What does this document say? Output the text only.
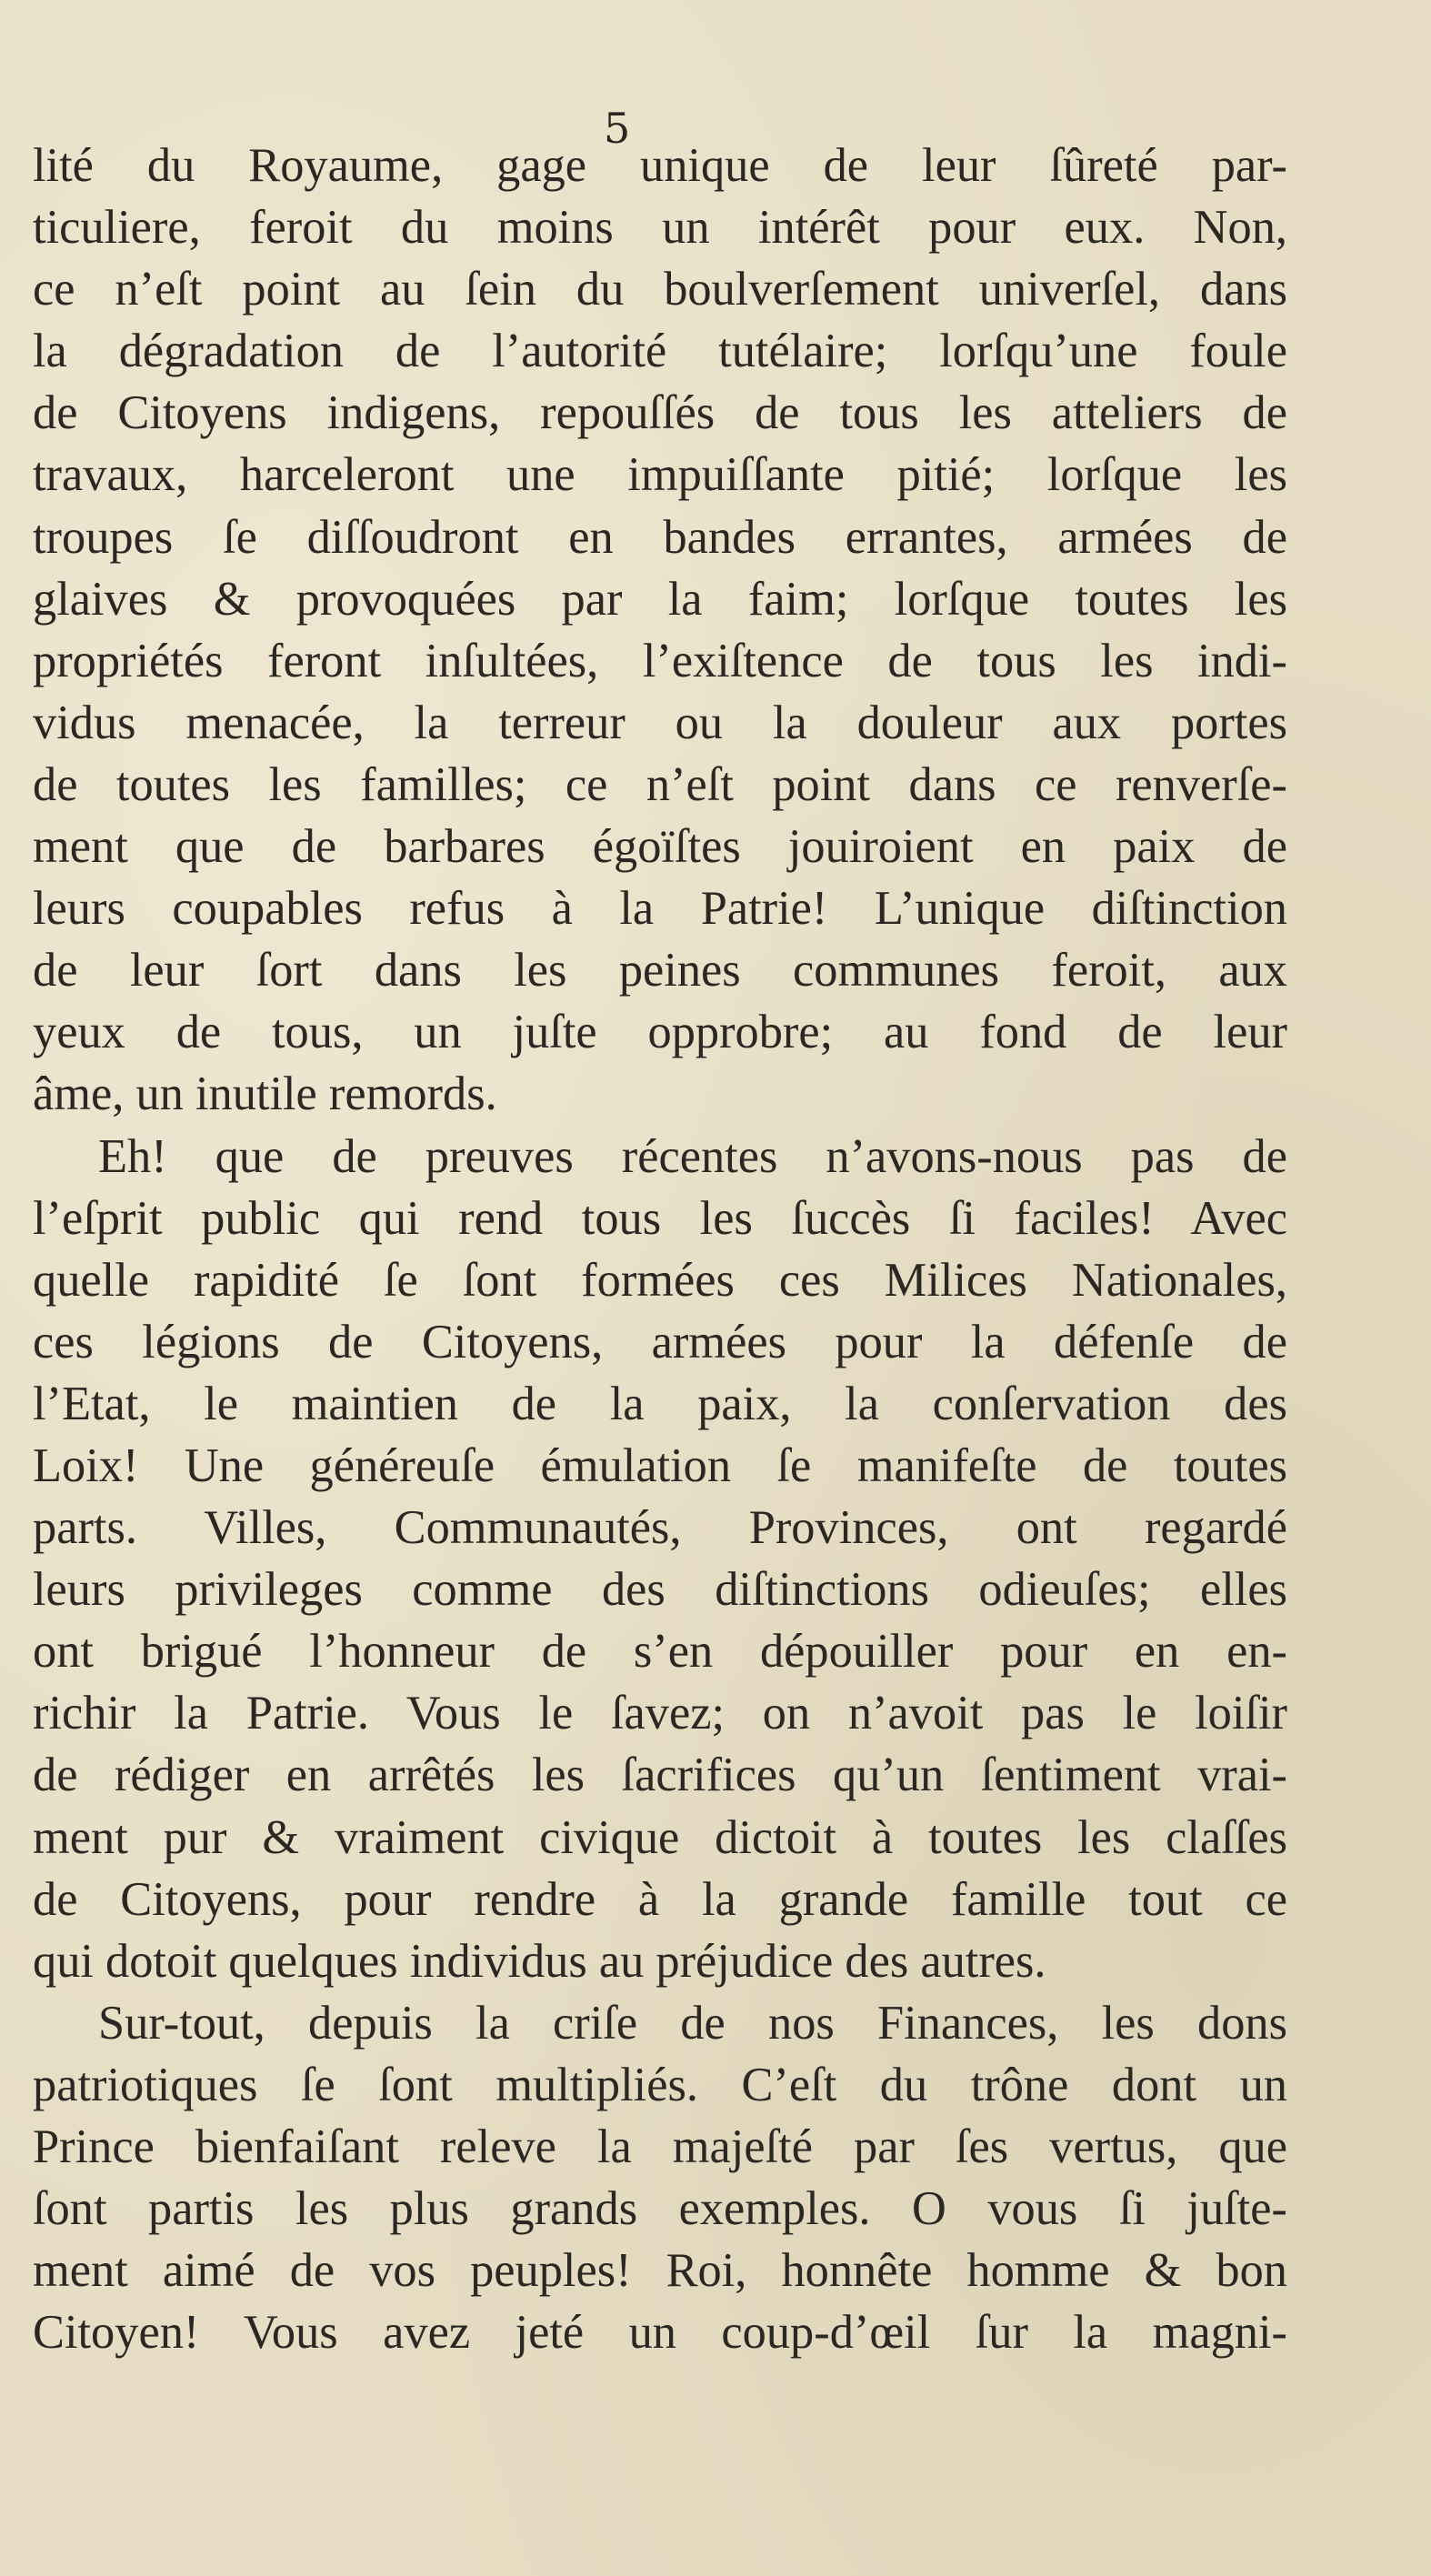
5
lité du Royaume, gage unique de leur ſûreté par-
ticuliere, feroit du moins un intérêt pour eux. Non,
ce n’eſt point au ſein du boulverſement univerſel, dans
la dégradation de l’autorité tutélaire; lorſqu’une foule
de Citoyens indigens, repouſſés de tous les atteliers de
travaux, harceleront une impuiſſante pitié; lorſque les
troupes ſe diſſoudront en bandes errantes, armées de
glaives & provoquées par la faim; lorſque toutes les
propriétés feront inſultées, l’exiſtence de tous les indi-
vidus menacée, la terreur ou la douleur aux portes
de toutes les familles; ce n’eſt point dans ce renverſe-
ment que de barbares égoïſtes jouiroient en paix de
leurs coupables refus à la Patrie! L’unique diſtinction
de leur ſort dans les peines communes feroit, aux
yeux de tous, un juſte opprobre; au fond de leur
âme, un inutile remords.
Eh! que de preuves récentes n’avons-nous pas de
l’eſprit public qui rend tous les ſuccès ſi faciles! Avec
quelle rapidité ſe ſont formées ces Milices Nationales,
ces légions de Citoyens, armées pour la défenſe de
l’Etat, le maintien de la paix, la conſervation des
Loix! Une généreuſe émulation ſe manifeſte de toutes
parts. Villes, Communautés, Provinces, ont regardé
leurs privileges comme des diſtinctions odieuſes; elles
ont brigué l’honneur de s’en dépouiller pour en en-
richir la Patrie. Vous le ſavez; on n’avoit pas le loiſir
de rédiger en arrêtés les ſacrifices qu’un ſentiment vrai-
ment pur & vraiment civique dictoit à toutes les claſſes
de Citoyens, pour rendre à la grande famille tout ce
qui dotoit quelques individus au préjudice des autres.
Sur-tout, depuis la criſe de nos Finances, les dons
patriotiques ſe ſont multipliés. C’eſt du trône dont un
Prince bienfaiſant releve la majeſté par ſes vertus, que
ſont partis les plus grands exemples. O vous ſi juſte-
ment aimé de vos peuples! Roi, honnête homme & bon
Citoyen! Vous avez jeté un coup-d’œil ſur la magni-
